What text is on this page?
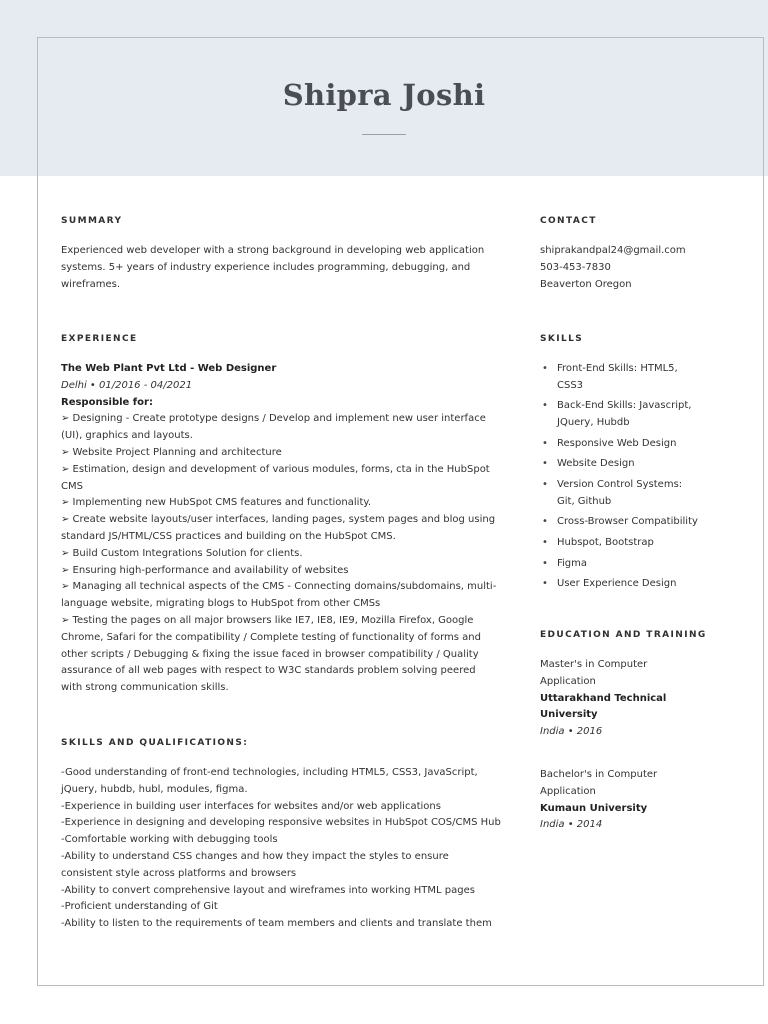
Shipra Joshi
SUMMARY
Experienced web developer with a strong background in developing web application
systems. 5+ years of industry experience includes programming, debugging, and
wireframes.
EXPERIENCE
The Web Plant Pvt Ltd - Web Designer
Delhi • 01/2016 - 04/2021
Responsible for:
➢ Designing - Create prototype designs / Develop and implement new user interface
(UI), graphics and layouts.
➢ Website Project Planning and architecture
➢ Estimation, design and development of various modules, forms, cta in the HubSpot
CMS
➢ Implementing new HubSpot CMS features and functionality.
➢ Create website layouts/user interfaces, landing pages, system pages and blog using
standard JS/HTML/CSS practices and building on the HubSpot CMS.
➢ Build Custom Integrations Solution for clients.
➢ Ensuring high-performance and availability of websites
➢ Managing all technical aspects of the CMS - Connecting domains/subdomains, multi-
language website, migrating blogs to HubSpot from other CMSs
➢ Testing the pages on all major browsers like IE7, IE8, IE9, Mozilla Firefox, Google
Chrome, Safari for the compatibility / Complete testing of functionality of forms and
other scripts / Debugging & fixing the issue faced in browser compatibility / Quality
assurance of all web pages with respect to W3C standards problem solving peered
with strong communication skills.
SKILLS AND QUALIFICATIONS:
-Good understanding of front-end technologies, including HTML5, CSS3, JavaScript,
jQuery, hubdb, hubl, modules, figma.
-Experience in building user interfaces for websites and/or web applications
-Experience in designing and developing responsive websites in HubSpot COS/CMS Hub
-Comfortable working with debugging tools
-Ability to understand CSS changes and how they impact the styles to ensure
consistent style across platforms and browsers
-Ability to convert comprehensive layout and wireframes into working HTML pages
-Proficient understanding of Git
-Ability to listen to the requirements of team members and clients and translate them
CONTACT
shiprakandpal24@gmail.com
503-453-7830
Beaverton Oregon
SKILLS
• Front-End Skills: HTML5,
CSS3
• Back-End Skills: Javascript,
JQuery, Hubdb
• Responsive Web Design
• Website Design
• Version Control Systems:
Git, Github
• Cross-Browser Compatibility
• Hubspot, Bootstrap
• Figma
• User Experience Design
EDUCATION AND TRAINING
Master's in Computer
Application
Uttarakhand Technical
University
India • 2016
Bachelor's in Computer
Application
Kumaun University
India • 2014
